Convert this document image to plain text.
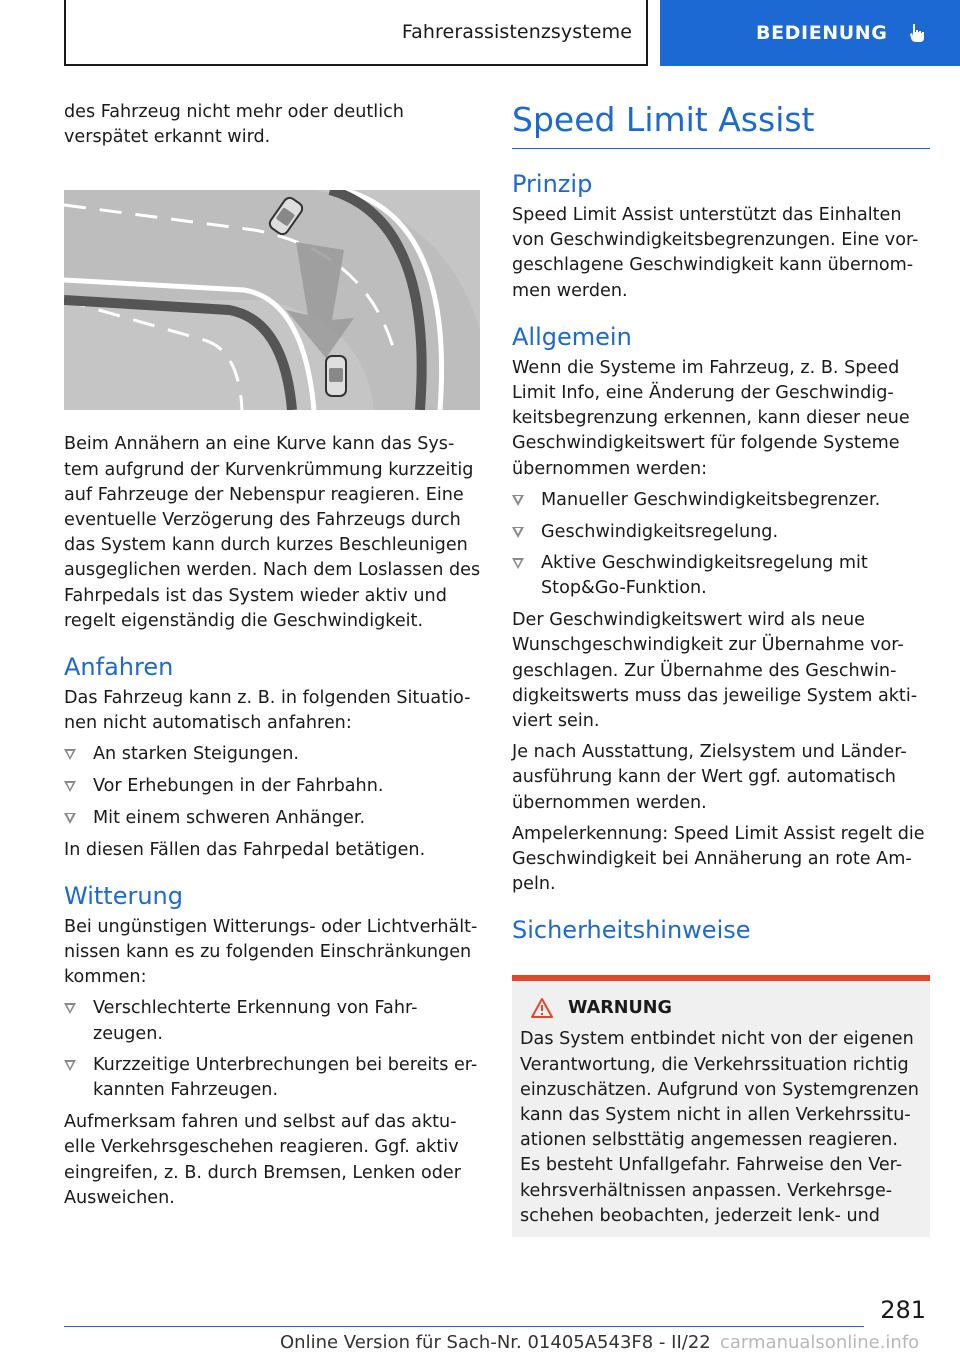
Fahrerassistenzsysteme	BEDIENUNG

des Fahrzeug nicht mehr oder deutlich verspätet erkannt wird.

Beim Annähern an eine Kurve kann das Sys-tem aufgrund der Kurvenkrümmung kurzzeitig auf Fahrzeuge der Nebenspur reagieren. Eine eventuelle Verzögerung des Fahrzeugs durch das System kann durch kurzes Beschleunigen ausgeglichen werden. Nach dem Loslassen des Fahrpedals ist das System wieder aktiv und regelt eigenständig die Geschwindigkeit.

Anfahren

Das Fahrzeug kann z. B. in folgenden Situatio-nen nicht automatisch anfahren:

An starken Steigungen.
Vor Erhebungen in der Fahrbahn.
Mit einem schweren Anhänger.

In diesen Fällen das Fahrpedal betätigen.

Witterung

Bei ungünstigen Witterungs- oder Lichtverhält-nissen kann es zu folgenden Einschränkungen kommen:

Verschlechterte Erkennung von Fahr-zeugen.
Kurzzeitige Unterbrechungen bei bereits er-kannten Fahrzeugen.

Aufmerksam fahren und selbst auf das aktu-elle Verkehrsgeschehen reagieren. Ggf. aktiv eingreifen, z. B. durch Bremsen, Lenken oder Ausweichen.

Speed Limit Assist
Prinzip

Speed Limit Assist unterstützt das Einhalten von Geschwindigkeitsbegrenzungen. Eine vor-geschlagene Geschwindigkeit kann übernom-men werden.

Allgemein

Wenn die Systeme im Fahrzeug, z. B. Speed Limit Info, eine Änderung der Geschwindig-keitsbegrenzung erkennen, kann dieser neue Geschwindigkeitswert für folgende Systeme übernommen werden:

Manueller Geschwindigkeitsbegrenzer.
Geschwindigkeitsregelung.
Aktive Geschwindigkeitsregelung mit Stop&Go-Funktion.

Der Geschwindigkeitswert wird als neue Wunschgeschwindigkeit zur Übernahme vor-geschlagen. Zur Übernahme des Geschwin-digkeitswerts muss das jeweilige System akti-viert sein.

Je nach Ausstattung, Zielsystem und Länder-ausführung kann der Wert ggf. automatisch übernommen werden.

Ampelerkennung: Speed Limit Assist regelt die Geschwindigkeit bei Annäherung an rote Am-peln.

Sicherheitshinweise
WARNUNG

Das System entbindet nicht von der eigenen Verantwortung, die Verkehrssituation richtig einzuschätzen. Aufgrund von Systemgrenzen kann das System nicht in allen Verkehrssitu-ationen selbsttätig angemessen reagieren. Es besteht Unfallgefahr. Fahrweise den Ver-kehrsverhältnissen anpassen. Verkehrsge-schehen beobachten, jederzeit lenk- und

281
Online Version für Sach-Nr. 01405A543F8 - II/22 carmanualsonline.info
